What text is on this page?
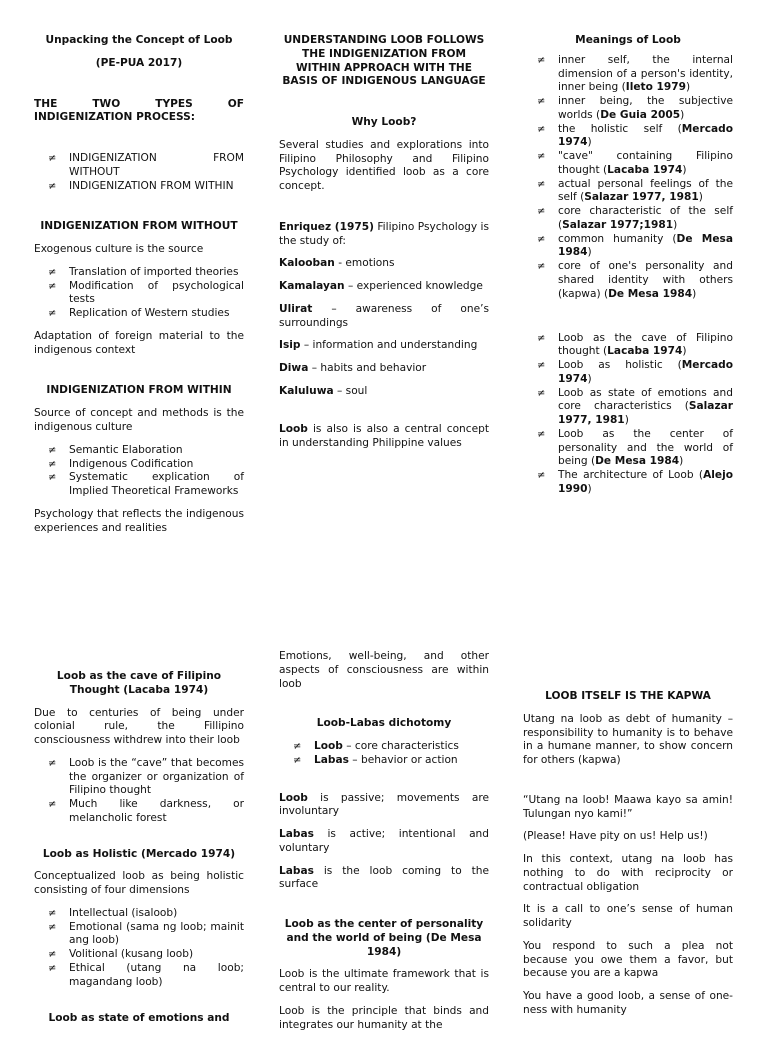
Unpacking the Concept of Loob
(PE-PUA 2017)

THE TWO TYPES OF INDIGENIZATION PROCESS:

≠ INDIGENIZATION FROM WITHOUT
≠ INDIGENIZATION FROM WITHIN
INDIGENIZATION FROM WITHOUT

Exogenous culture is the source

≠ Translation of imported theories
≠ Modification of psychological tests
≠ Replication of Western studies

Adaptation of foreign material to the indigenous context

INDIGENIZATION FROM WITHIN

Source of concept and methods is the indigenous culture

≠ Semantic Elaboration
≠ Indigenous Codification
≠ Systematic explication of Implied Theoretical Frameworks

Psychology that reflects the indigenous experiences and realities

Loob as the cave of Filipino Thought (Lacaba 1974)

Due to centuries of being under colonial rule, the Fillipino consciousness withdrew into their loob

≠ Loob is the “cave” that becomes the organizer or organization of Filipino thought
≠ Much like darkness, or melancholic forest
Loob as Holistic (Mercado 1974)

Conceptualized loob as being holistic consisting of four dimensions

≠ Intellectual (isaloob)
≠ Emotional (sama ng loob; mainit ang loob)
≠ Volitional (kusang loob)
≠ Ethical (utang na loob; magandang loob)
Loob as state of emotions and
UNDERSTANDING LOOB FOLLOWS THE INDIGENIZATION FROM WITHIN APPROACH WITH THE BASIS OF INDIGENOUS LANGUAGE
Why Loob?

Several studies and explorations into Filipino Philosophy and Filipino Psychology identified loob as a core concept.

Enriquez (1975) Filipino Psychology is the study of:

Kalooban - emotions

Kamalayan – experienced knowledge

Ulirat – awareness of one’s surroundings

Isip – information and understanding

Diwa – habits and behavior

Kaluluwa – soul

Loob is also is also a central concept in understanding Philippine values

Emotions, well-being, and other aspects of consciousness are within loob

Loob-Labas dichotomy
≠ Loob – core characteristics
≠ Labas – behavior or action

Loob is passive; movements are involuntary

Labas is active; intentional and voluntary

Labas is the loob coming to the surface

Loob as the center of personality and the world of being (De Mesa 1984)

Loob is the ultimate framework that is central to our reality.

Loob is the principle that binds and integrates our humanity at the

Meanings of Loob
≠ inner self, the internal dimension of a person's identity, inner being (Ileto 1979)
≠ inner being, the subjective worlds (De Guia 2005)
≠ the holistic self (Mercado 1974)
≠ "cave" containing Filipino thought (Lacaba 1974)
≠ actual personal feelings of the self (Salazar 1977, 1981)
≠ core characteristic of the self (Salazar 1977;1981)
≠ common humanity (De Mesa 1984)
≠ core of one's personality and shared identity with others (kapwa) (De Mesa 1984)
≠ Loob as the cave of Filipino thought (Lacaba 1974)
≠ Loob as holistic (Mercado 1974)
≠ Loob as state of emotions and core characteristics (Salazar 1977, 1981)
≠ Loob as the center of personality and the world of being (De Mesa 1984)
≠ The architecture of Loob (Alejo 1990)
LOOB ITSELF IS THE KAPWA

Utang na loob as debt of humanity – responsibility to humanity is to behave in a humane manner, to show concern for others (kapwa)

“Utang na loob! Maawa kayo sa amin! Tulungan nyo kami!”

(Please! Have pity on us! Help us!)

In this context, utang na loob has nothing to do with reciprocity or contractual obligation

It is a call to one’s sense of human solidarity

You respond to such a plea not because you owe them a favor, but because you are a kapwa

You have a good loob, a sense of one-ness with humanity
